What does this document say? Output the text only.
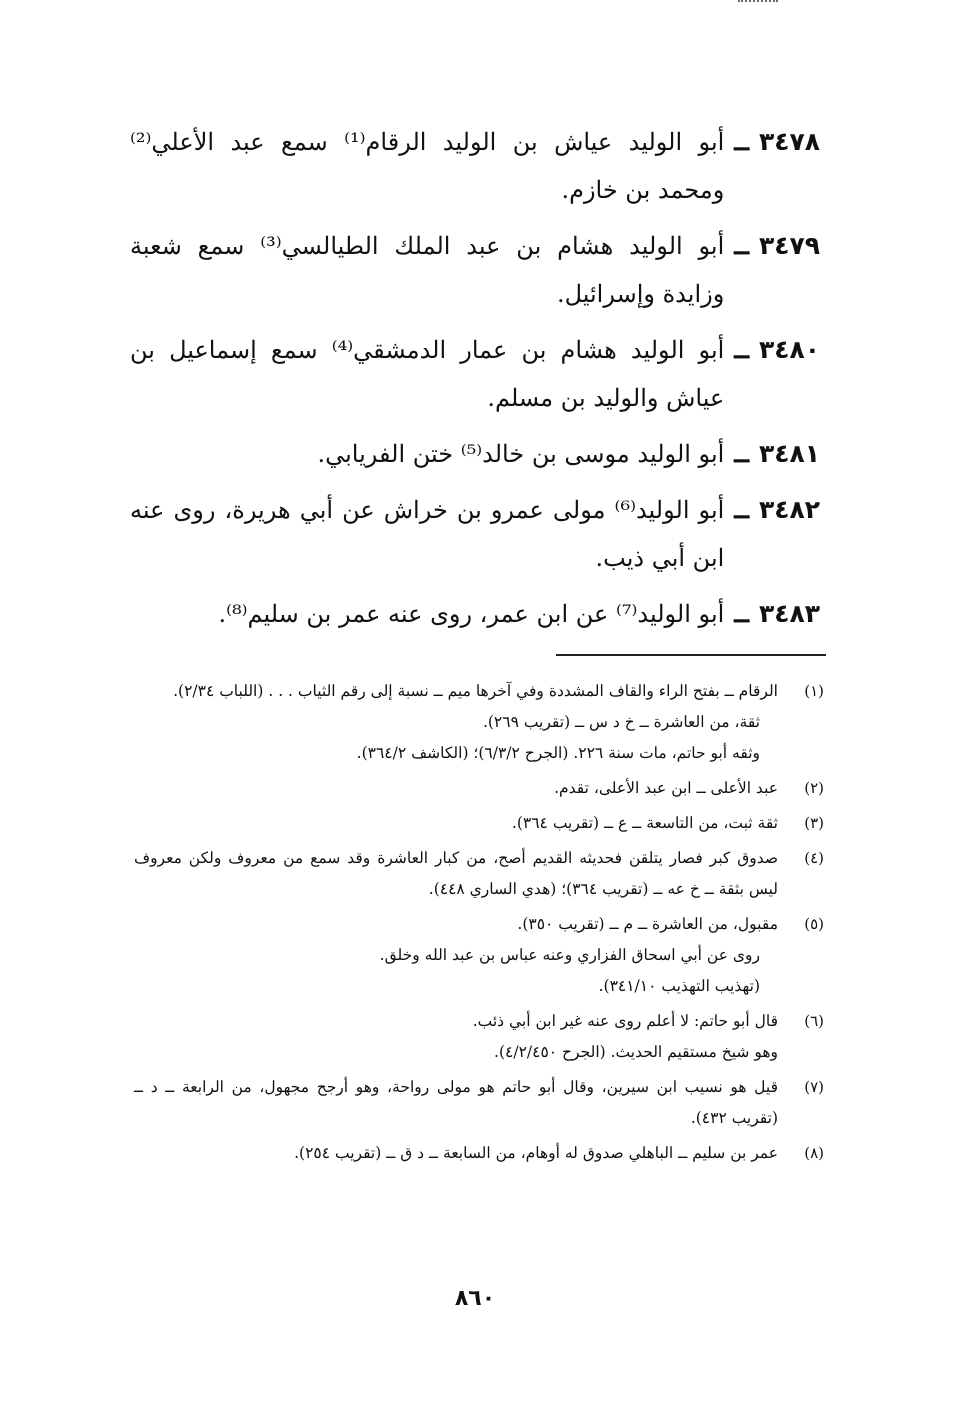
٣٤٧٨
ــ
أبو الوليد عياش بن الوليد الرقام⁽¹⁾ سمع عبد الأعلي⁽²⁾ ومحمد بن خازم.
٣٤٧٩
ــ
أبو الوليد هشام بن عبد الملك الطيالسي⁽³⁾ سمع شعبة وزايدة وإسرائيل.
٣٤٨٠
ــ
أبو الوليد هشام بن عمار الدمشقي⁽⁴⁾ سمع إسماعيل بن عياش والوليد بن مسلم.
٣٤٨١
ــ
أبو الوليد موسى بن خالد⁽⁵⁾ ختن الفريابي.
٣٤٨٢
ــ
أبو الوليد⁽⁶⁾ مولى عمرو بن خراش عن أبي هريرة، روى عنه ابن أبي ذيب.
٣٤٨٣
ــ
أبو الوليد⁽⁷⁾ عن ابن عمر، روى عنه عمر بن سليم⁽⁸⁾.
(١)
الرقام ــ بفتح الراء والقاف المشددة وفي آخرها ميم ــ نسبة إلى رقم الثياب . . . (اللباب ٢/٣٤).
ثقة، من العاشرة ــ خ د س ــ (تقريب ٢٦٩).
وثقه أبو حاتم، مات سنة ٢٢٦. (الجرح ٦/٣/٢)؛ (الكاشف ٣٦٤/٢).
(٢)
عبد الأعلى ــ ابن عبد الأعلى، تقدم.
(٣)
ثقة ثبت، من التاسعة ــ ع ــ (تقريب ٣٦٤).
(٤)
صدوق كبر فصار يتلقن فحديثه القديم أصح، من كبار العاشرة وقد سمع من معروف ولكن معروف ليس بثقة ــ خ عه ــ (تقريب ٣٦٤)؛ (هدي الساري ٤٤٨).
(٥)
مقبول، من العاشرة ــ م ــ (تقريب ٣٥٠).
روى عن أبي اسحاق الفزاري وعنه عباس بن عبد الله وخلق.
(تهذيب التهذيب ٣٤١/١٠).
(٦)
قال أبو حاتم: لا أعلم روى عنه غير ابن أبي ذئب.
وهو شيخ مستقيم الحديث. (الجرح ٤/٢/٤٥٠).
(٧)
قيل هو نسيب ابن سيرين، وقال أبو حاتم هو مولى رواحة، وهو أرجح مجهول، من الرابعة ــ د ــ (تقريب ٤٣٢).
(٨)
عمر بن سليم ــ الباهلي صدوق له أوهام، من السابعة ــ د ق ــ (تقريب ٢٥٤).
٨٦٠
